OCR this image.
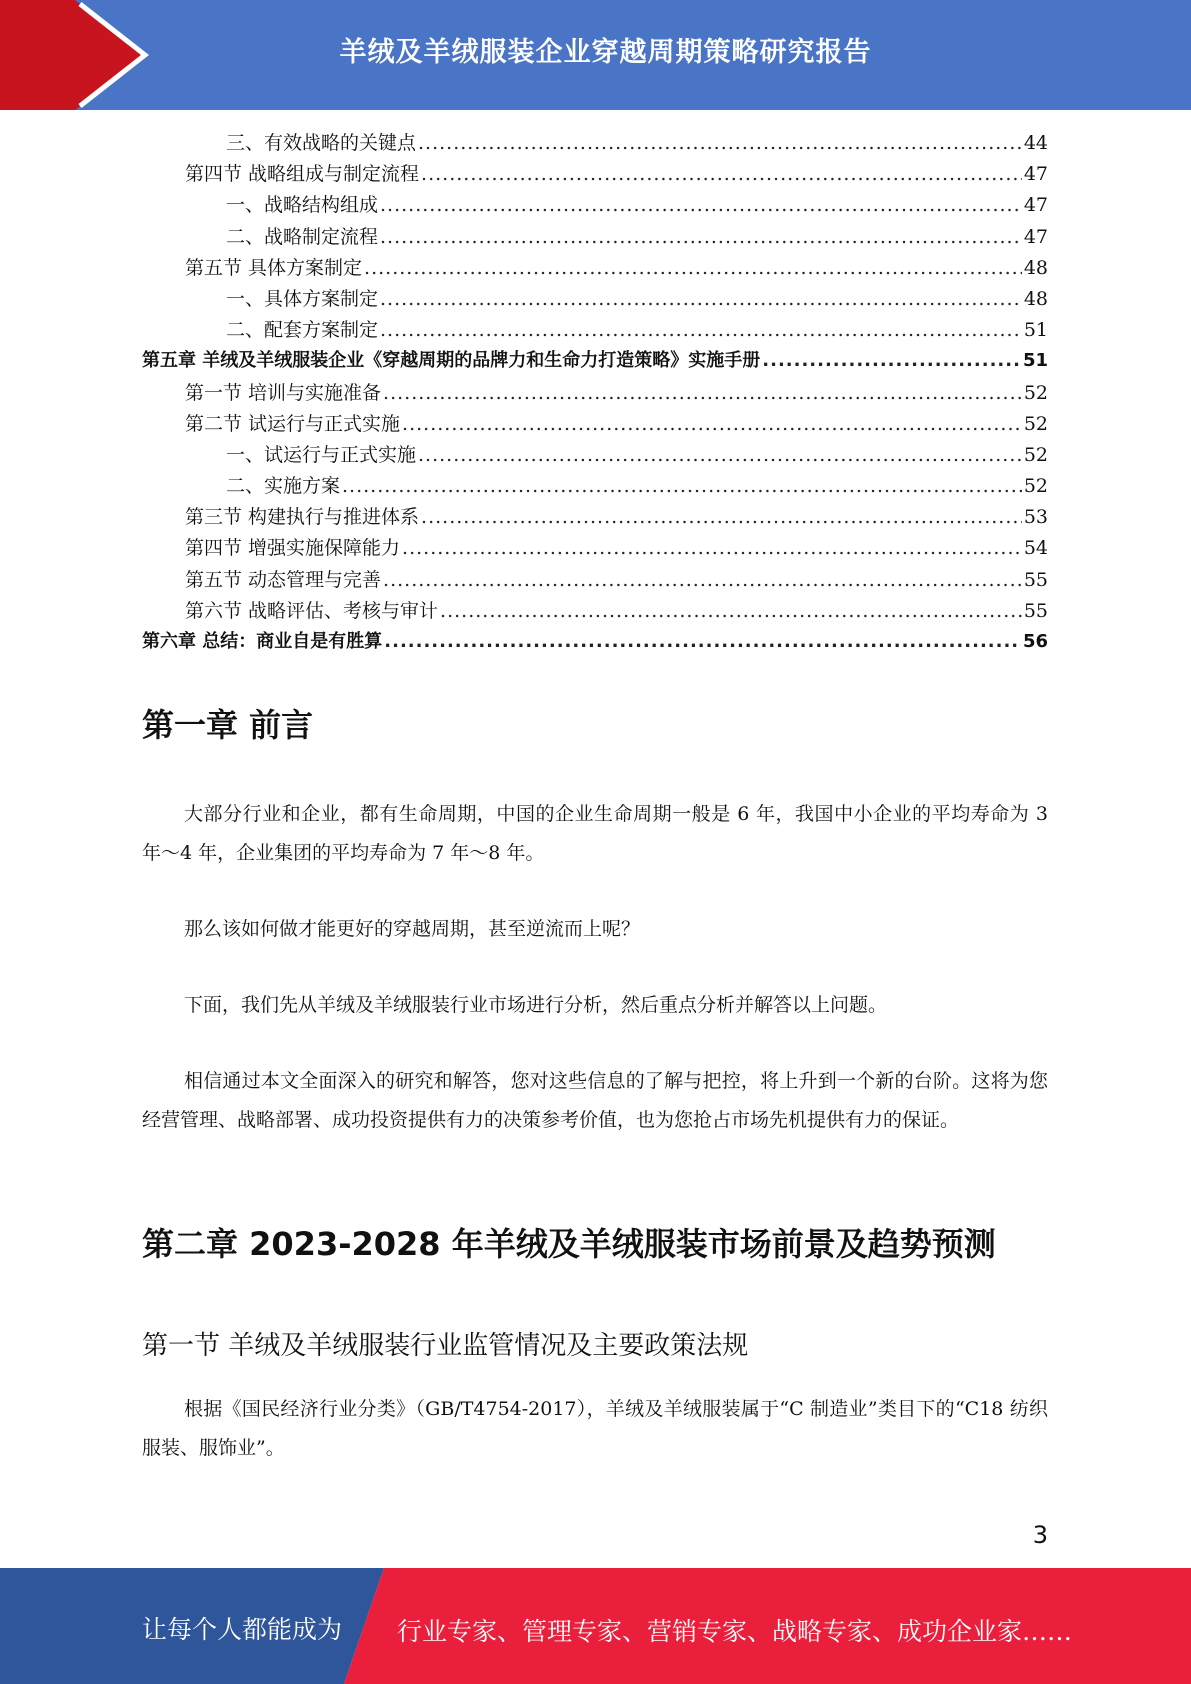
羊绒及羊绒服装企业穿越周期策略研究报告
三、有效战略的关键点 .....	44
第四节 战略组成与制定流程 .....	47
一、战略结构组成 .....	47
二、战略制定流程 .....	47
第五节 具体方案制定 .....	48
一、具体方案制定 .....	48
二、配套方案制定 .....	51
第五章 羊绒及羊绒服装企业《穿越周期的品牌力和生命力打造策略》实施手册 .....	51
第一节 培训与实施准备 .....	52
第二节 试运行与正式实施 .....	52
一、试运行与正式实施 .....	52
二、实施方案 .....	52
第三节 构建执行与推进体系 .....	53
第四节 增强实施保障能力 .....	54
第五节 动态管理与完善 .....	55
第六节 战略评估、考核与审计 .....	55
第六章 总结：商业自是有胜算 .....	56
第一章 前言

大部分行业和企业，都有生命周期，中国的企业生命周期一般是 6 年，我国中小企业的平均寿命为 3 年～4 年，企业集团的平均寿命为 7 年～8 年。

那么该如何做才能更好的穿越周期，甚至逆流而上呢？

下面，我们先从羊绒及羊绒服装行业市场进行分析，然后重点分析并解答以上问题。

相信通过本文全面深入的研究和解答，您对这些信息的了解与把控，将上升到一个新的台阶。这将为您经营管理、战略部署、成功投资提供有力的决策参考价值，也为您抢占市场先机提供有力的保证。

第二章 2023-2028 年羊绒及羊绒服装市场前景及趋势预测
第一节 羊绒及羊绒服装行业监管情况及主要政策法规

根据《国民经济行业分类》（GB/T4754-2017），羊绒及羊绒服装属于“C 制造业”类目下的“C18 纺织服装、服饰业”。

3
让每个人都能成为 行业专家、管理专家、营销专家、战略专家、成功企业家……
